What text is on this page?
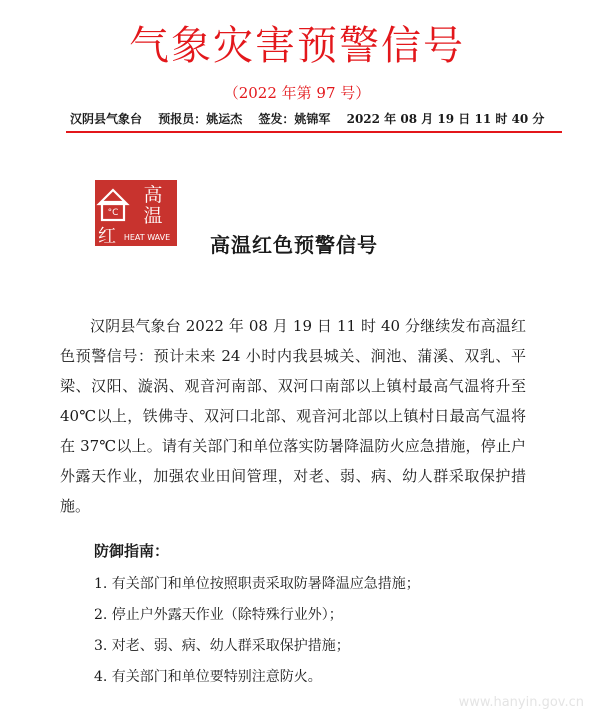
气象灾害预警信号
（2022 年第 97 号）
汉阴县气象台 预报员：姚运杰 签发：姚锦军 2022 年 08 月 19 日 11 时 40 分
°C
高
温
红 HEAT WAVE 高温红色预警信号

汉阴县气象台 2022 年 08 月 19 日 11 时 40 分继续发布高温红色预警信号：预计未来 24 小时内我县城关、涧池、蒲溪、双乳、平梁、汉阳、漩涡、观音河南部、双河口南部以上镇村最高气温将升至 40℃以上，铁佛寺、双河口北部、观音河北部以上镇村日最高气温将在 37℃以上。请有关部门和单位落实防暑降温防火应急措施，停止户外露天作业，加强农业田间管理，对老、弱、病、幼人群采取保护措施。

防御指南：
1. 有关部门和单位按照职责采取防暑降温应急措施；
2. 停止户外露天作业（除特殊行业外）；
3. 对老、弱、病、幼人群采取保护措施；
4. 有关部门和单位要特别注意防火。
www.hanyin.gov.cn
